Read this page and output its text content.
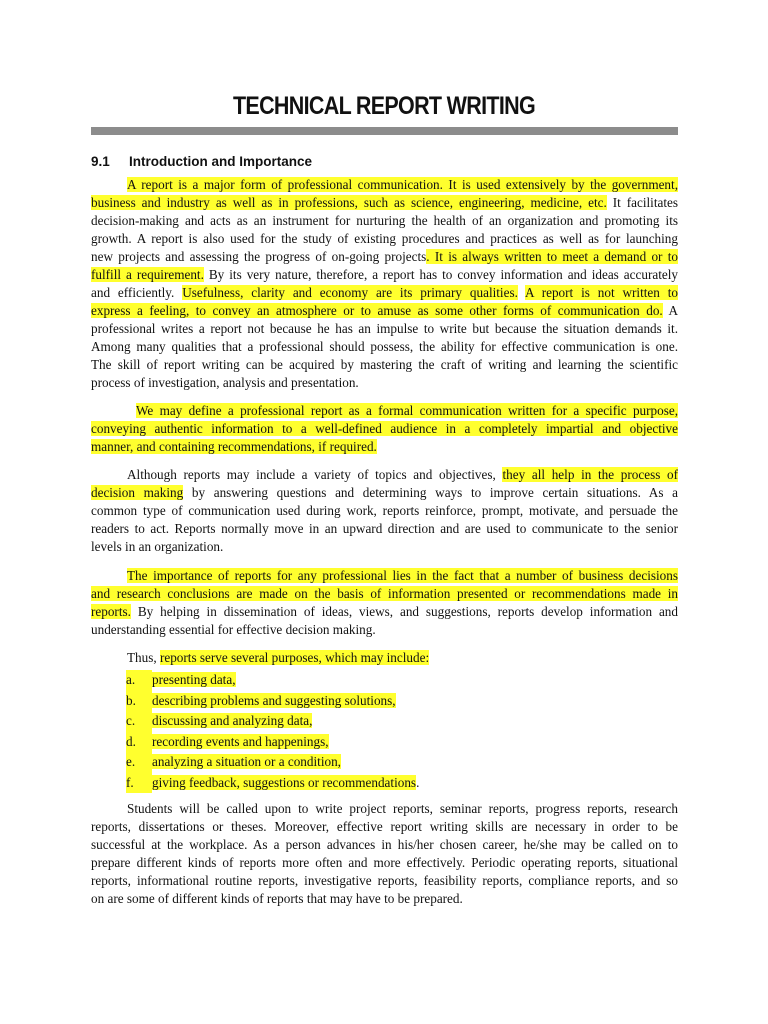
TECHNICAL REPORT WRITING
9.1 Introduction and Importance
A report is a major form of professional communication. It is used extensively by the government,
business and industry as well as in professions, such as science, engineering, medicine, etc. It facilitates
decision-making and acts as an instrument for nurturing the health of an organization and promoting its
growth. A report is also used for the study of existing procedures and practices as well as for launching
new projects and assessing the progress of on-going projects. It is always written to meet a demand or to
fulfill a requirement. By its very nature, therefore, a report has to convey information and ideas accurately
and efficiently. Usefulness, clarity and economy are its primary qualities. A report is not written to
express a feeling, to convey an atmosphere or to amuse as some other forms of communication do. A
professional writes a report not because he has an impulse to write but because the situation demands it.
Among many qualities that a professional should possess, the ability for effective communication is one.
The skill of report writing can be acquired by mastering the craft of writing and learning the scientific
process of investigation, analysis and presentation.
We may define a professional report as a formal communication written for a specific purpose,
conveying authentic information to a well-defined audience in a completely impartial and objective
manner, and containing recommendations, if required.
Although reports may include a variety of topics and objectives, they all help in the process of
decision making by answering questions and determining ways to improve certain situations. As a
common type of communication used during work, reports reinforce, prompt, motivate, and persuade the
readers to act. Reports normally move in an upward direction and are used to communicate to the senior
levels in an organization.
The importance of reports for any professional lies in the fact that a number of business decisions
and research conclusions are made on the basis of information presented or recommendations made in
reports. By helping in dissemination of ideas, views, and suggestions, reports develop information and
understanding essential for effective decision making.
Thus, reports serve several purposes, which may include:
a. presenting data,
b. describing problems and suggesting solutions,
c. discussing and analyzing data,
d. recording events and happenings,
e. analyzing a situation or a condition,
f. giving feedback, suggestions or recommendations.
Students will be called upon to write project reports, seminar reports, progress reports, research
reports, dissertations or theses. Moreover, effective report writing skills are necessary in order to be
successful at the workplace. As a person advances in his/her chosen career, he/she may be called on to
prepare different kinds of reports more often and more effectively. Periodic operating reports, situational
reports, informational routine reports, investigative reports, feasibility reports, compliance reports, and so
on are some of different kinds of reports that may have to be prepared.
